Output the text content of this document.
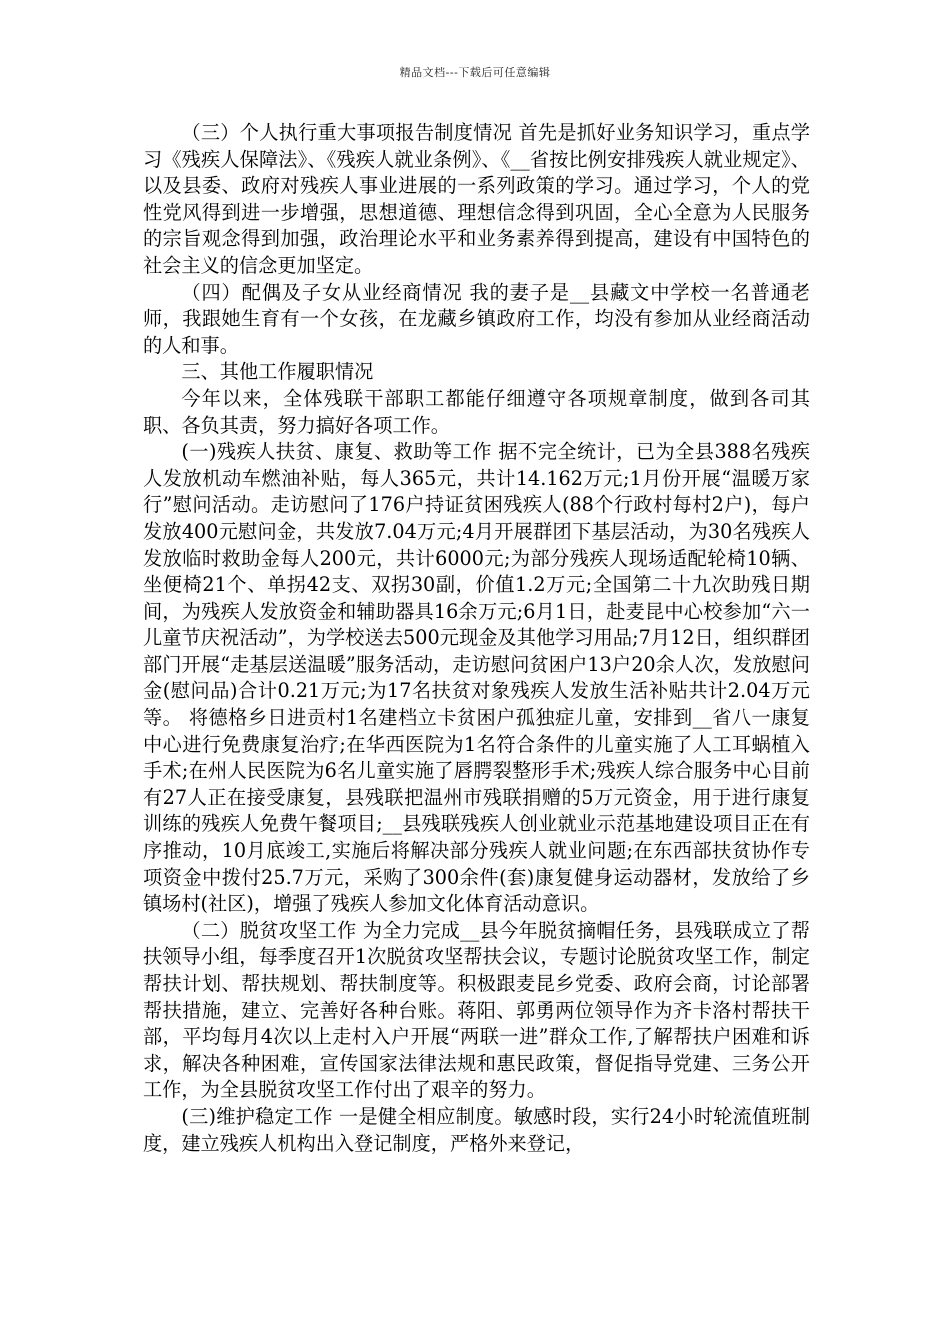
精品文档---下载后可任意编辑

（三）个人执行重大事项报告制度情况 首先是抓好业务知识学习，重点学习《残疾人保障法》、《残疾人就业条例》、《__省按比例安排残疾人就业规定》、以及县委、政府对残疾人事业进展的一系列政策的学习。通过学习，个人的党性党风得到进一步增强，思想道德、理想信念得到巩固，全心全意为人民服务的宗旨观念得到加强，政治理论水平和业务素养得到提高，建设有中国特色的社会主义的信念更加坚定。

（四）配偶及子女从业经商情况 我的妻子是__县藏文中学校一名普通老师，我跟她生育有一个女孩，在龙藏乡镇政府工作，均没有参加从业经商活动的人和事。

三、其他工作履职情况

今年以来，全体残联干部职工都能仔细遵守各项规章制度，做到各司其职、各负其责，努力搞好各项工作。

(一)残疾人扶贫、康复、救助等工作 据不完全统计，已为全县388名残疾人发放机动车燃油补贴，每人365元，共计14.162万元;1月份开展“温暖万家行”慰问活动。走访慰问了176户持证贫困残疾人(88个行政村每村2户)，每户发放400元慰问金，共发放7.04万元;4月开展群团下基层活动，为30名残疾人发放临时救助金每人200元，共计6000元;为部分残疾人现场适配轮椅10辆、坐便椅21个、单拐42支、双拐30副，价值1.2万元;全国第二十九次助残日期间，为残疾人发放资金和辅助器具16余万元;6月1日，赴麦昆中心校参加“六一儿童节庆祝活动”，为学校送去500元现金及其他学习用品;7月12日，组织群团部门开展“走基层送温暖”服务活动，走访慰问贫困户13户20余人次，发放慰问金(慰问品)合计0.21万元;为17名扶贫对象残疾人发放生活补贴共计2.04万元等。 将德格乡日进贡村1名建档立卡贫困户孤独症儿童，安排到__省八一康复中心进行免费康复治疗;在华西医院为1名符合条件的儿童实施了人工耳蜗植入手术;在州人民医院为6名儿童实施了唇腭裂整形手术;残疾人综合服务中心目前有27人正在接受康复，县残联把温州市残联捐赠的5万元资金，用于进行康复训练的残疾人免费午餐项目;__县残联残疾人创业就业示范基地建设项目正在有序推动，10月底竣工,实施后将解决部分残疾人就业问题;在东西部扶贫协作专项资金中拨付25.7万元，采购了300余件(套)康复健身运动器材，发放给了乡镇场村(社区)，增强了残疾人参加文化体育活动意识。

（二）脱贫攻坚工作 为全力完成__县今年脱贫摘帽任务，县残联成立了帮扶领导小组，每季度召开1次脱贫攻坚帮扶会议，专题讨论脱贫攻坚工作，制定帮扶计划、帮扶规划、帮扶制度等。积极跟麦昆乡党委、政府会商，讨论部署帮扶措施，建立、完善好各种台账。蒋阳、郭勇两位领导作为齐卡洛村帮扶干部，平均每月4次以上走村入户开展“两联一进”群众工作,了解帮扶户困难和诉求，解决各种困难，宣传国家法律法规和惠民政策，督促指导党建、三务公开工作，为全县脱贫攻坚工作付出了艰辛的努力。

(三)维护稳定工作 一是健全相应制度。敏感时段，实行24小时轮流值班制度，建立残疾人机构出入登记制度，严格外来登记，
